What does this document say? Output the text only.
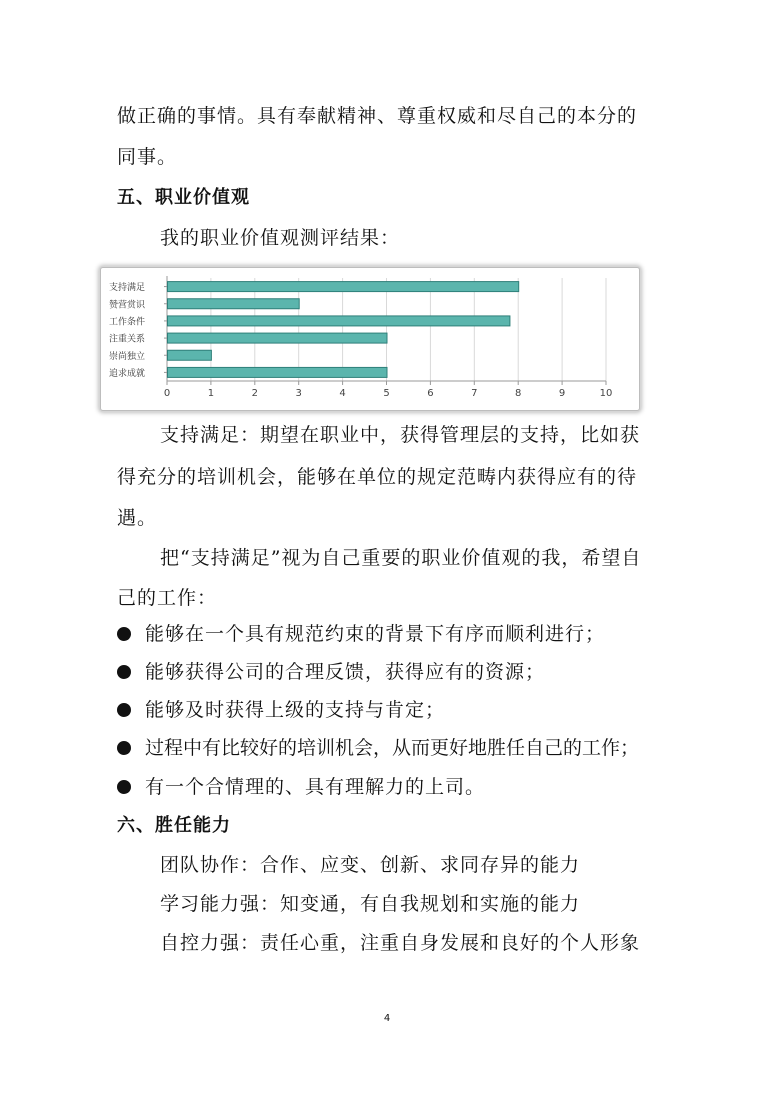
做正确的事情。具有奉献精神、尊重权威和尽自己的本分的
同事。
五、职业价值观
我的职业价值观测评结果：
0	1	2	3	4	5	6	7	8	9	10
支持满足
赞营赏识
工作条件
注重关系
崇尚独立
追求成就
支持满足：期望在职业中，获得管理层的支持，比如获
得充分的培训机会，能够在单位的规定范畴内获得应有的待
遇。
把“支持满足”视为自己重要的职业价值观的我，希望自
己的工作：
能够在一个具有规范约束的背景下有序而顺利进行；
能够获得公司的合理反馈，获得应有的资源；
能够及时获得上级的支持与肯定；
过程中有比较好的培训机会，从而更好地胜任自己的工作；
有一个合情理的、具有理解力的上司。
六、胜任能力
团队协作：合作、应变、创新、求同存异的能力
学习能力强：知变通，有自我规划和实施的能力
自控力强：责任心重，注重自身发展和良好的个人形象
4
